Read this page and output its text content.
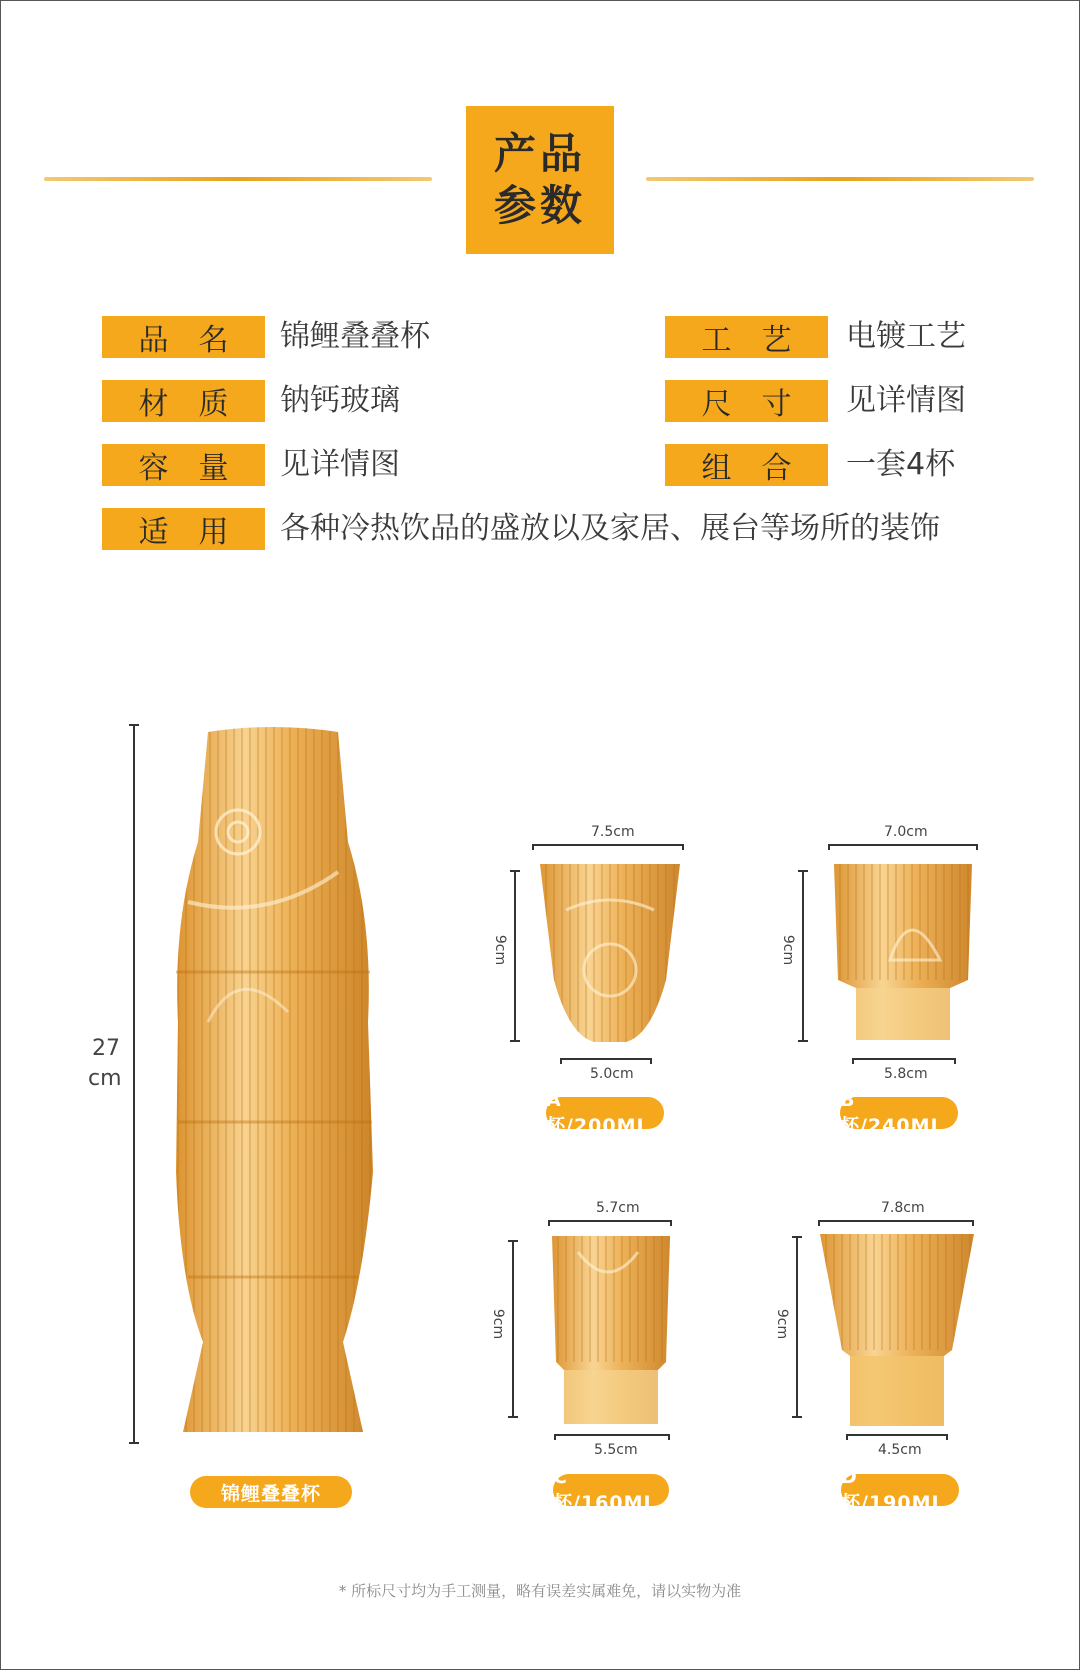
产品
参数
品名 锦鲤叠叠杯	工艺 电镀工艺
材质 钠钙玻璃	尺寸 见详情图
容量 见详情图	组合 一套4杯
适用 各种冷热饮品的盛放以及家居、展台等场所的装饰
27
cm
锦鲤叠叠杯
7.5cm
9cm
5.0cm
A杯/200ML
7.0cm
9cm
5.8cm
B杯/240ML
5.7cm
9cm
5.5cm
C杯/160ML
7.8cm
9cm
4.5cm
D杯/190ML
* 所标尺寸均为手工测量，略有误差实属难免，请以实物为准
